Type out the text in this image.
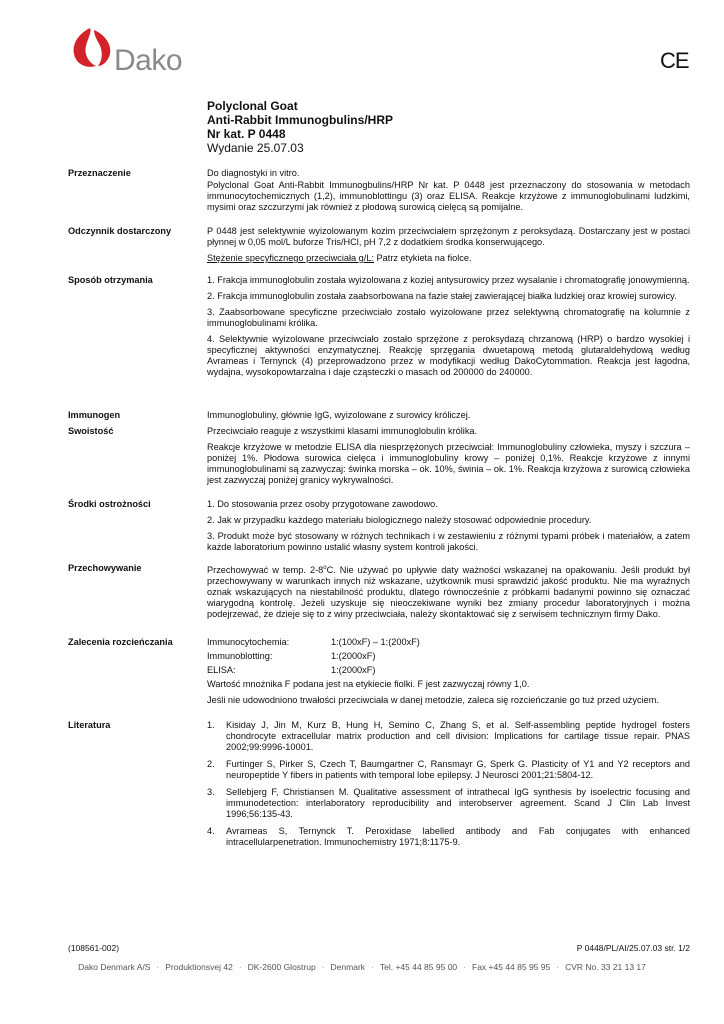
Dako	CE
Polyclonal Goat
Anti-Rabbit Immunogbulins/HRP
Nr kat. P 0448
Wydanie 25.07.03
Przeznaczenie	Do diagnostyki in vitro.

Polyclonal Goat Anti-Rabbit Immunogbulins/HRP Nr kat. P 0448 jest przeznaczony do stosowania w metodach immunocytochemicznych (1,2), immunoblottingu (3) oraz ELISA. Reakcje krzyżowe z immunoglobulinami ludzkimi, mysimi oraz szczurzymi jak również z płodową surowicą cielęcą są pomijalne.

Odczynnik dostarczony	P 0448 jest selektywnie wyizolowanym kozim przeciwciałem sprzężonym z peroksydazą. Dostarczany jest w postaci płynnej w 0,05 mol/L buforze Tris/HCl, pH 7,2 z dodatkiem środka konserwującego.

Stężenie specyficznego przeciwciała g/L: Patrz etykieta na fiolce.

Sposób otrzymania	1. Frakcja immunoglobulin została wyizolowana z koziej antysurowicy przez wysalanie i chromatografię jonowymienną.

2. Frakcja immunoglobulin została zaabsorbowana na fazie stałej zawierającej białka ludzkiej oraz krowiej surowicy.

3. Zaabsorbowane specyficzne przeciwciało zostało wyizolowane przez selektywną chromatografię na kolumnie z immunoglobulinami królika.

4. Selektywnie wyizolowane przeciwciało zostało sprzężone z peroksydazą chrzanową (HRP) o bardzo wysokiej i specyficznej aktywności enzymatycznej. Reakcję sprzęgania dwuetapową metodą glutaraldehydową według Avrameas i Ternynck (4) przeprowadzono przez w modyfikacji według DakoCytommation. Reakcja jest łagodna, wydajna, wysokopowtarzalna i daje cząsteczki o masach od 200000 do 240000.

Immunogen	Immunoglobuliny, głównie IgG, wyizolowane z surowicy króliczej.

Swoistość	Przeciwciało reaguje z wszystkimi klasami immunoglobulin królika.

Reakcje krzyżowe w metodzie ELISA dla niesprzężonych przeciwciał: Immunoglobuliny człowieka, myszy i szczura – poniżej 1%. Płodowa surowica cielęca i immunoglobuliny krowy – poniżej 0,1%. Reakcje krzyżowe z innymi immunoglobulinami są zazwyczaj: świnka morska – ok. 10%, świnia – ok. 1%. Reakcja krzyżowa z surowicą człowieka jest zazwyczaj poniżej granicy wykrywalności.

Środki ostrożności	1. Do stosowania przez osoby przygotowane zawodowo.

2. Jak w przypadku każdego materiału biologicznego należy stosować odpowiednie procedury.

3. Produkt może być stosowany w różnych technikach i w zestawieniu z różnymi typami próbek i materiałów, a zatem każde laboratorium powinno ustalić własny system kontroli jakości.

Przechowywanie	Przechowywać w temp. 2-8$^o$C. Nie używać po upływie daty ważności wskazanej na opakowaniu. Jeśli produkt był przechowywany w warunkach innych niż wskazane, użytkownik musi sprawdzić jakość produktu. Nie ma wyraźnych oznak wskazujących na niestabilność produktu, dlatego równocześnie z próbkami badanymi powinno się oznaczać wiarygodną kontrolę. Jeżeli uzyskuje się nieoczekiwane wyniki bez zmiany procedur laboratoryjnych i można podejrzewać, że dzieje się to z winy przeciwciała, należy skontaktować się z serwisem technicznym firmy Dako.

Zalecenia rozcieńczania	Immunocytochemia:	1:(100xF) – 1:(200xF)
Immunoblotting:	1:(2000xF)
ELISA:	1:(2000xF)

Wartość mnożnika F podana jest na etykiecie fiolki. F jest zazwyczaj równy 1,0.

Jeśli nie udowodniono trwałości przeciwciała w danej metodzie, zaleca się rozcieńczanie go tuż przed użyciem.

Literatura	1. Kisiday J, Jin M, Kurz B, Hung H, Semino C, Zhang S, et al. Self-assembling peptide hydrogel fosters chondrocyte extracellular matrix production and cell division: Implications for cartilage tissue repair. PNAS 2002;99:9996-10001.
2. Furtinger S, Pirker S, Czech T, Baumgartner C, Ransmayr G, Sperk G. Plasticity of Y1 and Y2 receptors and neuropeptide Y fibers in patients with temporal lobe epilepsy. J Neurosci 2001;21:5804-12.
3. Sellebjerg F, Christiansen M. Qualitative assessment of intrathecal IgG synthesis by isoelectric focusing and immunodetection: interlaboratory reproducibility and interobserver agreement. Scand J Clin Lab Invest 1996;56:135-43.
4. Avrameas S, Ternynck T. Peroxidase labelled antibody and Fab conjugates with enhanced intracellularpenetration. Immunochemistry 1971;8:1175-9.
(108561-002)	P 0448/PL/AI/25.07.03 str. 1/2
Dako Denmark A/S · Produktionsvej 42 · DK-2600 Glostrup · Denmark · Tel. +45 44 85 95 00 · Fax +45 44 85 95 95 · CVR No. 33 21 13 17
